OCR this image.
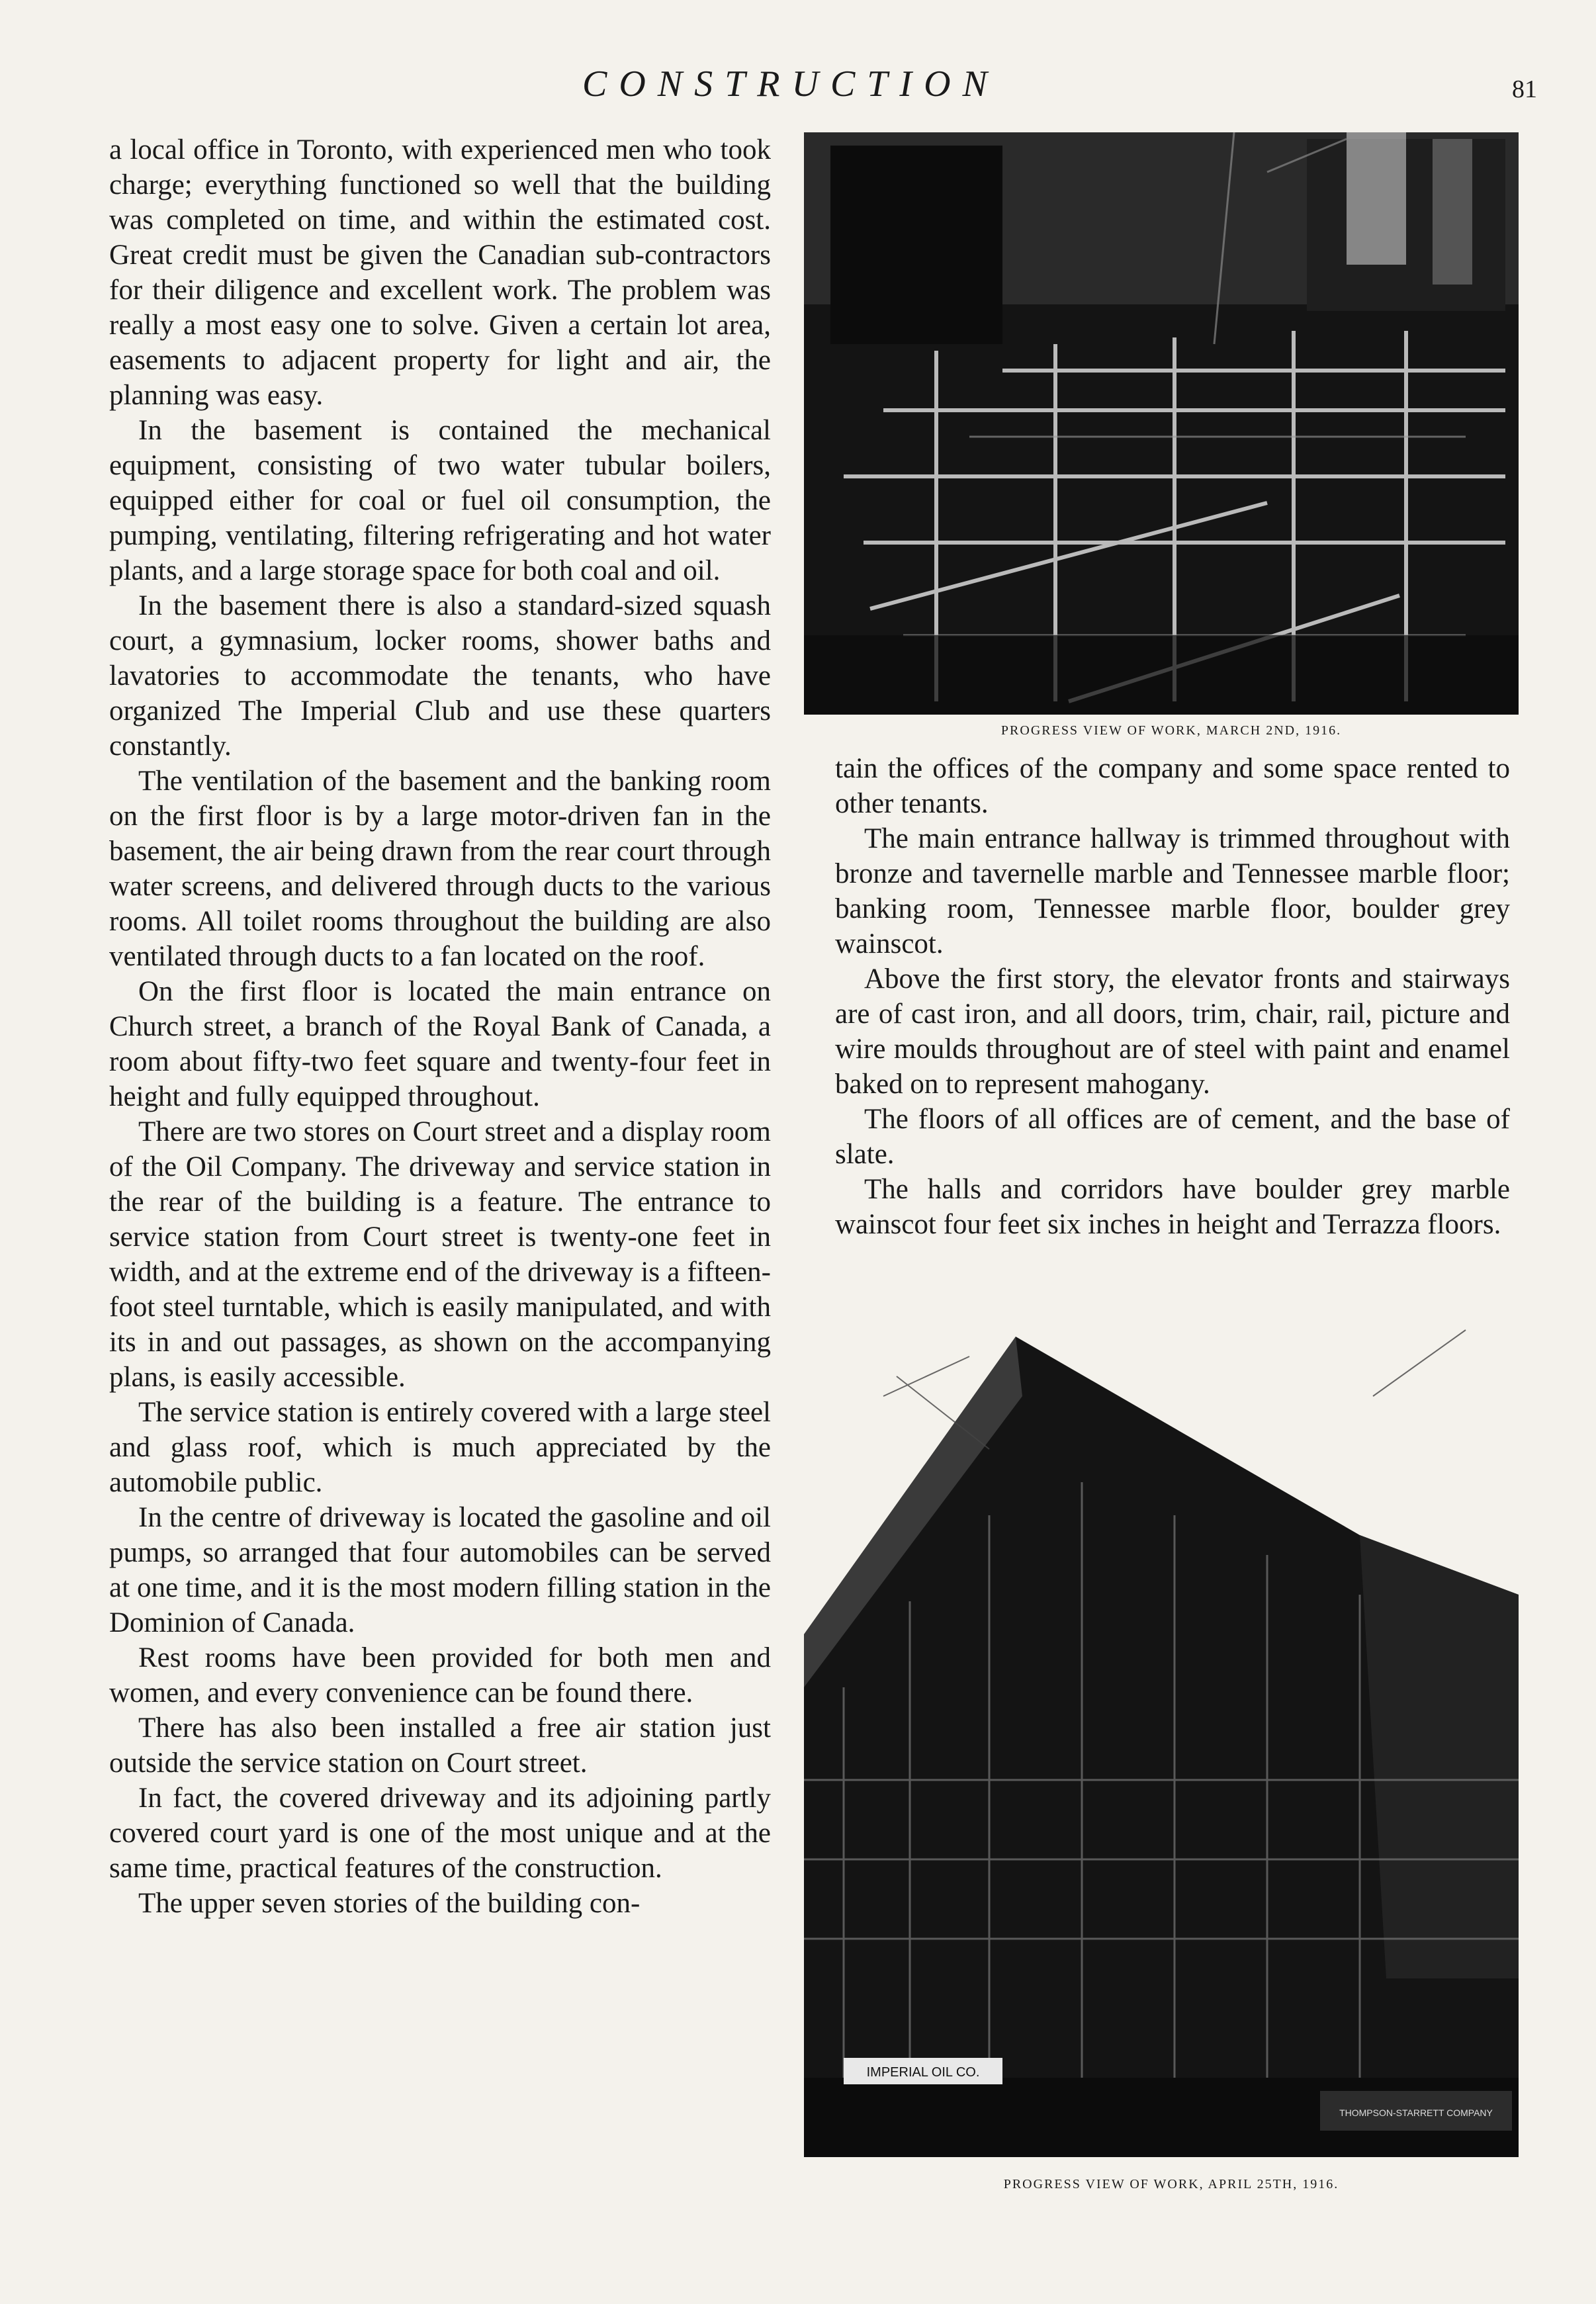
CONSTRUCTION	81

a local office in Toronto, with experienced men who took charge; everything functioned so well that the building was completed on time, and within the estimated cost. Great credit must be given the Canadian sub-contractors for their diligence and excellent work. The problem was really a most easy one to solve. Given a certain lot area, easements to adjacent property for light and air, the planning was easy.

In the basement is contained the mechanical equipment, consisting of two water tubular boilers, equipped either for coal or fuel oil consumption, the pumping, ventilating, filtering refrigerating and hot water plants, and a large storage space for both coal and oil.

In the basement there is also a standard-sized squash court, a gymnasium, locker rooms, shower baths and lavatories to accommodate the tenants, who have organized The Imperial Club and use these quarters constantly.

The ventilation of the basement and the banking room on the first floor is by a large motor-driven fan in the basement, the air being drawn from the rear court through water screens, and delivered through ducts to the various rooms. All toilet rooms throughout the building are also ventilated through ducts to a fan located on the roof.

On the first floor is located the main entrance on Church street, a branch of the Royal Bank of Canada, a room about fifty-two feet square and twenty-four feet in height and fully equipped throughout.

There are two stores on Court street and a display room of the Oil Company. The driveway and service station in the rear of the building is a feature. The entrance to service station from Court street is twenty-one feet in width, and at the extreme end of the driveway is a fifteen-foot steel turntable, which is easily manipulated, and with its in and out passages, as shown on the accompanying plans, is easily accessible.

The service station is entirely covered with a large steel and glass roof, which is much appreciated by the automobile public.

In the centre of driveway is located the gasoline and oil pumps, so arranged that four automobiles can be served at one time, and it is the most modern filling station in the Dominion of Canada.

Rest rooms have been provided for both men and women, and every convenience can be found there.

There has also been installed a free air station just outside the service station on Court street.

In fact, the covered driveway and its adjoining partly covered court yard is one of the most unique and at the same time, practical features of the construction.

The upper seven stories of the building con-

PROGRESS VIEW OF WORK, MARCH 2ND, 1916.

tain the offices of the company and some space rented to other tenants.

The main entrance hallway is trimmed throughout with bronze and tavernelle marble and Tennessee marble floor; banking room, Tennessee marble floor, boulder grey wainscot.

Above the first story, the elevator fronts and stairways are of cast iron, and all doors, trim, chair, rail, picture and wire moulds throughout are of steel with paint and enamel baked on to represent mahogany.

The floors of all offices are of cement, and the base of slate.

The halls and corridors have boulder grey marble wainscot four feet six inches in height and Terrazza floors.

IMPERIAL OIL CO.
THOMPSON-STARRETT COMPANY
PROGRESS VIEW OF WORK, APRIL 25TH, 1916.
